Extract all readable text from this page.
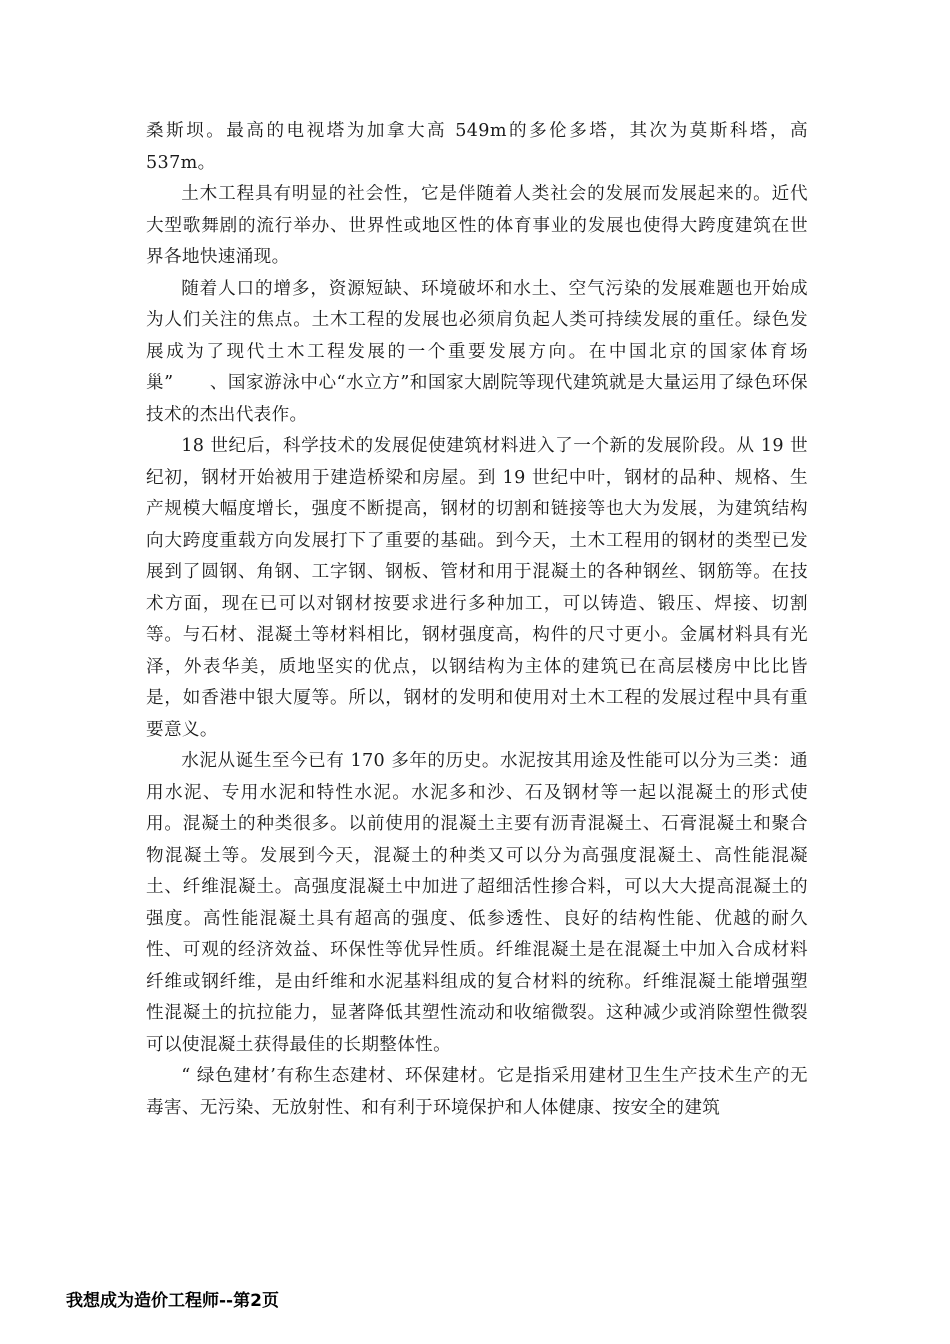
桑斯坝。最高的电视塔为加拿大高 549m的多伦多塔，其次为莫斯科塔，高 537m。

土木工程具有明显的社会性，它是伴随着人类社会的发展而发展起来的。近代大型歌舞剧的流行举办、世界性或地区性的体育事业的发展也使得大跨度建筑在世界各地快速涌现。

随着人口的增多，资源短缺、环境破坏和水土、空气污染的发展难题也开始成为人们关注的焦点。土木工程的发展也必须肩负起人类可持续发展的重任。绿色发展成为了现代土木工程发展的一个重要发展方向。在中国北京的国家体育场巢”　　、国家游泳中心“水立方”和国家大剧院等现代建筑就是大量运用了绿色环保技术的杰出代表作。

18 世纪后，科学技术的发展促使建筑材料进入了一个新的发展阶段。从 19 世纪初，钢材开始被用于建造桥梁和房屋。到 19 世纪中叶，钢材的品种、规格、生产规模大幅度增长，强度不断提高，钢材的切割和链接等也大为发展，为建筑结构向大跨度重载方向发展打下了重要的基础。到今天，土木工程用的钢材的类型已发展到了圆钢、角钢、工字钢、钢板、管材和用于混凝土的各种钢丝、钢筋等。在技术方面，现在已可以对钢材按要求进行多种加工，可以铸造、锻压、焊接、切割等。与石材、混凝土等材料相比，钢材强度高，构件的尺寸更小。金属材料具有光泽，外表华美，质地坚实的优点，以钢结构为主体的建筑已在高层楼房中比比皆是，如香港中银大厦等。所以，钢材的发明和使用对土木工程的发展过程中具有重要意义。

水泥从诞生至今已有 170 多年的历史。水泥按其用途及性能可以分为三类：通用水泥、专用水泥和特性水泥。水泥多和沙、石及钢材等一起以混凝土的形式使用。混凝土的种类很多。以前使用的混凝土主要有沥青混凝土、石膏混凝土和聚合物混凝土等。发展到今天，混凝土的种类又可以分为高强度混凝土、高性能混凝土、纤维混凝土。高强度混凝土中加进了超细活性掺合料，可以大大提高混凝土的强度。高性能混凝土具有超高的强度、低参透性、良好的结构性能、优越的耐久性、可观的经济效益、环保性等优异性质。纤维混凝土是在混凝土中加入合成材料纤维或钢纤维，是由纤维和水泥基料组成的复合材料的统称。纤维混凝土能增强塑性混凝土的抗拉能力，显著降低其塑性流动和收缩微裂。这种减少或消除塑性微裂可以使混凝土获得最佳的长期整体性。

“ 绿色建材’有称生态建材、环保建材。它是指采用建材卫生生产技术生产的无毒害、无污染、无放射性、和有利于环境保护和人体健康、按安全的建筑

我想成为造价工程师--第2页
